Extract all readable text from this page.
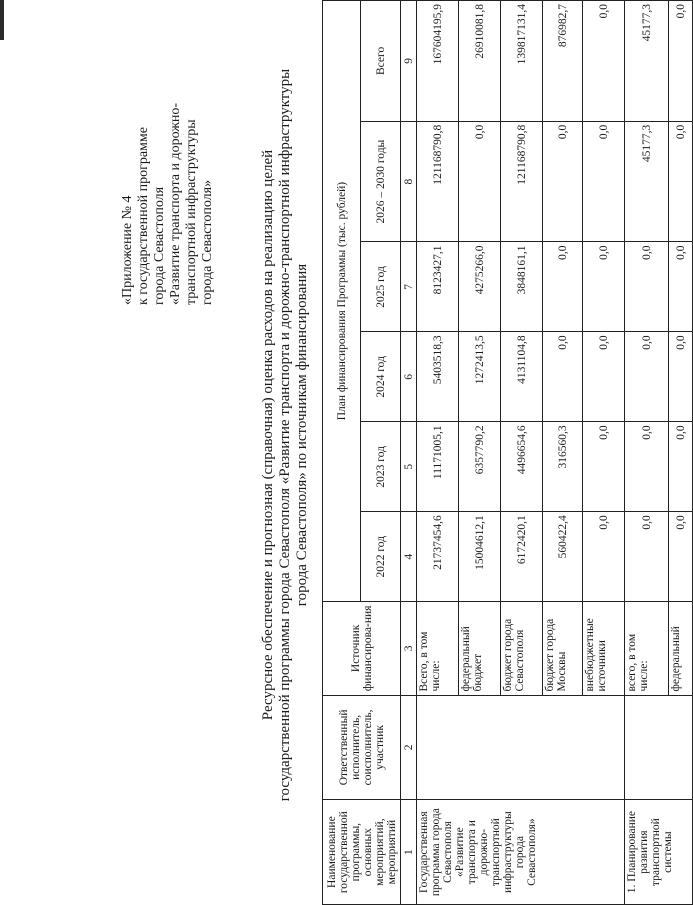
«Приложение № 4 к государственной программе города Севастополя «Развитие транспорта и дорожно- транспортной инфраструктуры города Севастополя»	Ресурсное обеспечение и прогнозная (справочная) оценка расходов на реализацию целей государственной программы города Севастополя «Развитие транспорта и дорожно-транспортной инфраструктуры города Севастополя» по источникам финансирования
Наименование государственной программы, основных мероприятий, мероприятий	Ответственный исполнитель, соисполнитель, участник	Источник финансирова-ния	План финансирования Программы (тыс. рублей)					
			2022 год	2023 год	2024 год	2025 год	2026 – 2030 годы	Всего
1	2	3	4	5	6	7	8	9
Государственная программа города Севастополя «Развитие транспорта и дорожно-транспортной инфраструктуры города Севастополя»		Всего, в том числе:	21737454,6	11171005,1	5403518,3	8123427,1	121168790,8	167604195,9
		федеральный бюджет	15004612,1	6357790,2	1272413,5	4275266,0	0,0	26910081,8
		бюджет города Севастополя	6172420,1	4496654,6	4131104,8	3848161,1	121168790,8	139817131,4
		бюджет города Москвы	560422,4	316560,3	0,0	0,0	0,0	876982,7
		внебюджетные источники	0,0	0,0	0,0	0,0	0,0	0,0
1. Планирование развития транспортной системы		всего, в том числе:	0,0	0,0	0,0	0,0	45177,3	45177,3
		федеральный	0,0	0,0	0,0	0,0	0,0	0,0
